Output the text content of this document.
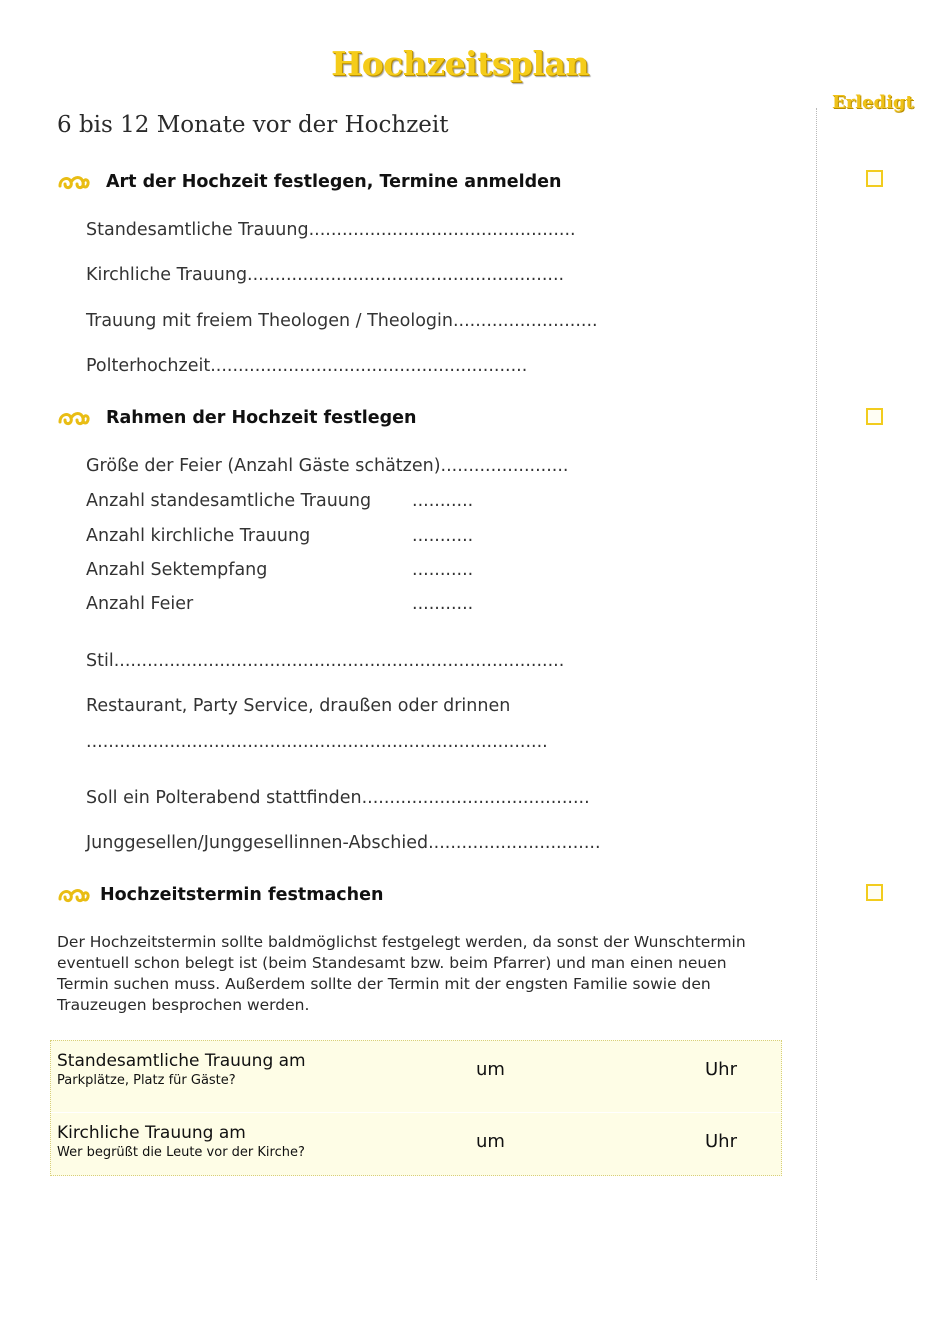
Hochzeitsplan
Erledigt
6 bis 12 Monate vor der Hochzeit
Art der Hochzeit festlegen, Termine anmelden
Standesamtliche Trauung................................................
Kirchliche Trauung.........................................................
Trauung mit freiem Theologen / Theologin..........................
Polterhochzeit.........................................................
Rahmen der Hochzeit festlegen
Größe der Feier (Anzahl Gäste schätzen).......................
Anzahl standesamtliche Trauung ...........
Anzahl kirchliche Trauung	...........
Anzahl Sektempfang	...........
Anzahl Feier	...........
Stil.................................................................................
Restaurant, Party Service, draußen oder drinnen
...................................................................................
Soll ein Polterabend stattfinden.........................................
Junggesellen/Junggesellinnen-Abschied...............................
Hochzeitstermin festmachen
Der Hochzeitstermin sollte baldmöglichst festgelegt werden, da sonst der Wunschtermin eventuell schon belegt ist (beim Standesamt bzw. beim Pfarrer) und man einen neuen Termin suchen muss. Außerdem sollte der Termin mit der engsten Familie sowie den Trauzeugen besprochen werden.
Standesamtliche Trauung am
Parkplätze, Platz für Gäste?
um	Uhr
Kirchliche Trauung am
Wer begrüßt die Leute vor der Kirche?
um	Uhr
